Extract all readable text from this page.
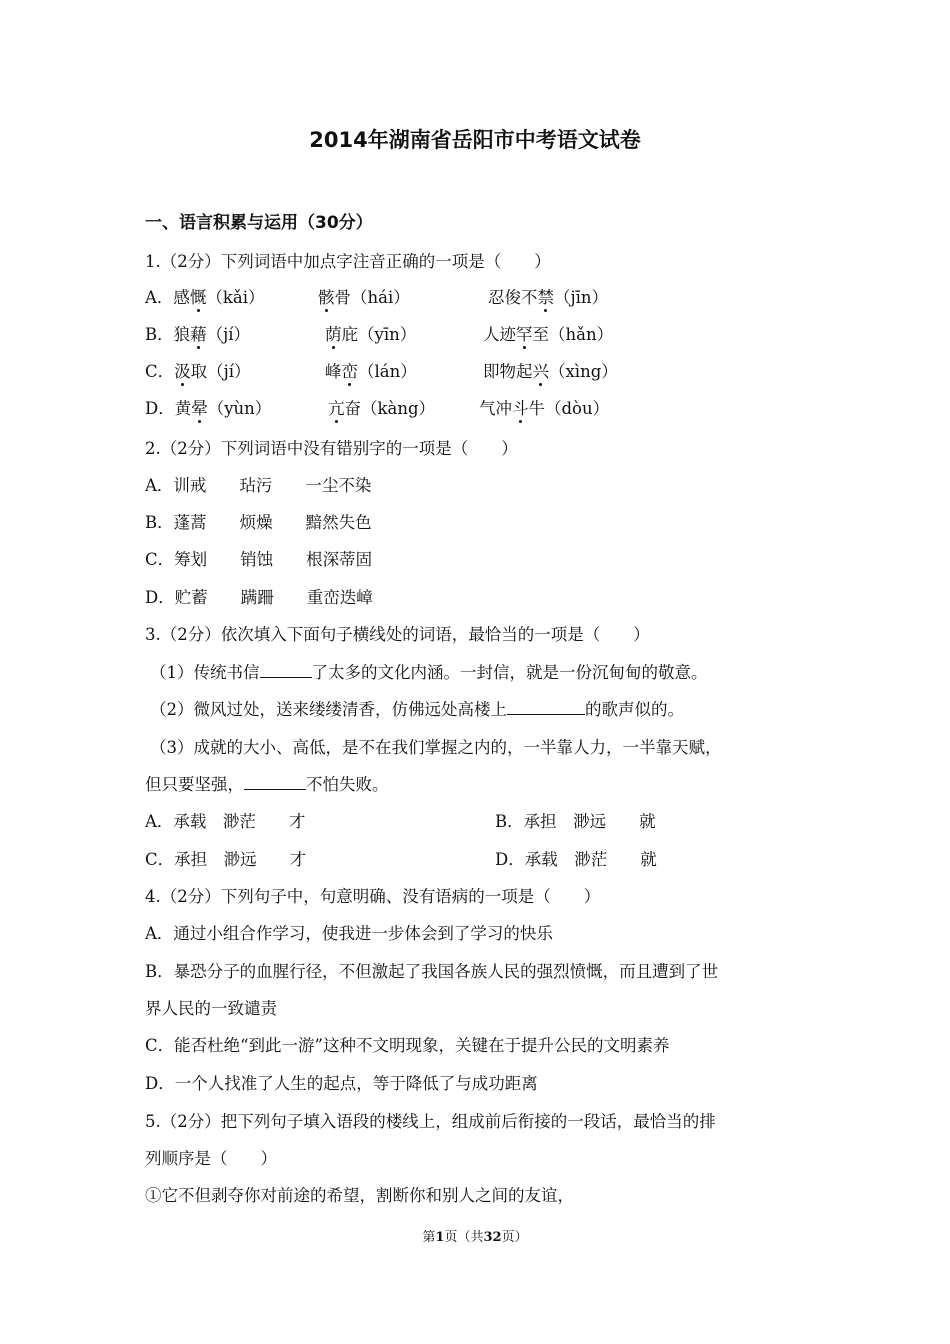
2014年湖南省岳阳市中考语文试卷
一、语言积累与运用（30分）
1.（2分）下列词语中加点字注音正确的一项是（　　）
A．感慨（kǎi）	骸骨（hái）	忍俊不禁（jīn）
B．狼藉（jí）	荫庇（yīn）	人迹罕至（hǎn）
C．汲取（jí）	峰峦（lán）	即物起兴（xìng）
D．黄晕（yùn）	亢奋（kàng）	气冲斗牛（dòu）
2.（2分）下列词语中没有错别字的一项是（　　）
A．训戒　　玷污　　一尘不染
B．蓬蒿　　烦燥　　黯然失色
C．筹划　　销蚀　　根深蒂固
D．贮蓄　　蹒跚　　重峦迭嶂
3.（2分）依次填入下面句子横线处的词语，最恰当的一项是（　　）
（1）传统书信	了太多的文化内涵。一封信，就是一份沉甸甸的敬意。
（2）微风过处，送来缕缕清香，仿佛远处高楼上	的歌声似的。
（3）成就的大小、高低，是不在我们掌握之内的，一半靠人力，一半靠天赋，
但只要坚强，	不怕失败。
A．承载　渺茫　　才	B．承担　渺远　　就
C．承担　渺远　　才	D．承载　渺茫　　就
4.（2分）下列句子中，句意明确、没有语病的一项是（　　）
A．通过小组合作学习，使我进一步体会到了学习的快乐
B．暴恐分子的血腥行径，不但激起了我国各族人民的强烈愤慨，而且遭到了世
界人民的一致谴责
C．能否杜绝“到此一游”这种不文明现象，关键在于提升公民的文明素养
D．一个人找准了人生的起点，等于降低了与成功距离
5.（2分）把下列句子填入语段的楼线上，组成前后衔接的一段话，最恰当的排
列顺序是（　　）
①它不但剥夺你对前途的希望，割断你和别人之间的友谊，
第1页（共32页）
